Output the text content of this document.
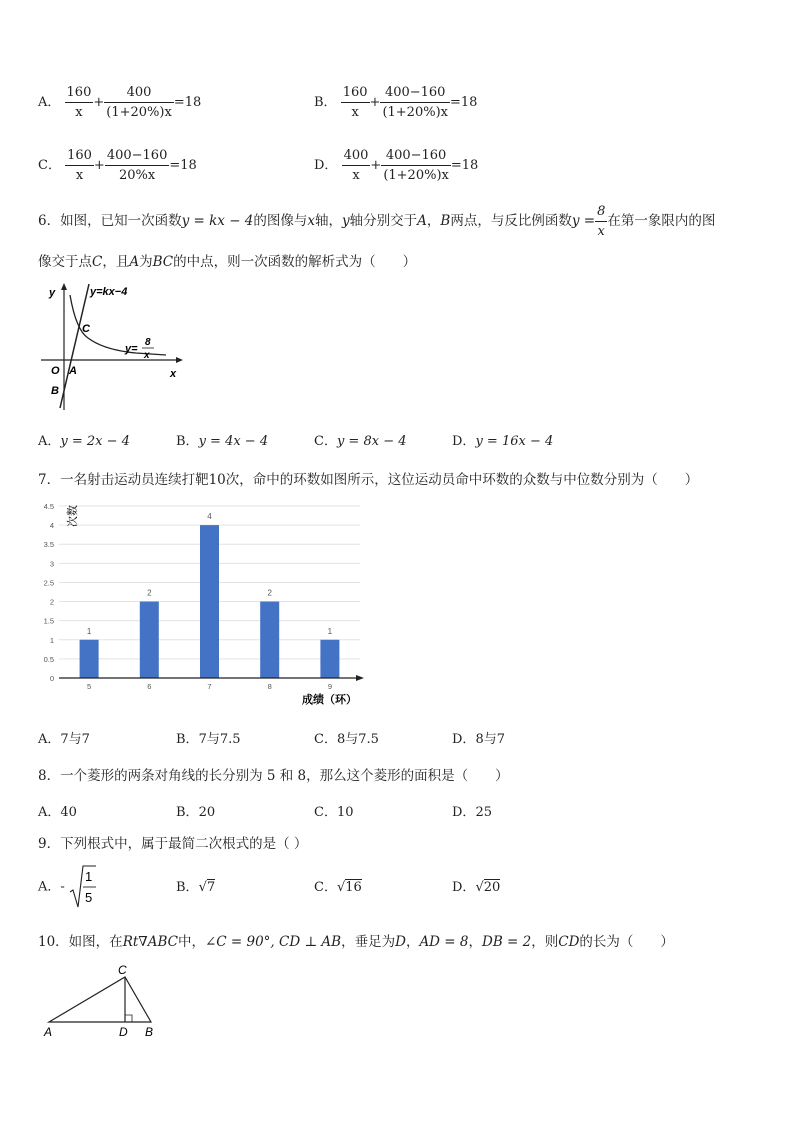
A． $\frac{160}{x} + \frac{400}{(1+20\%)x} =18$	B． $\frac{160}{x} + \frac{400-160}{(1+20\%)x} =18$
C． $\frac{160}{x} + \frac{400-160}{20\%x} =18$	D． $\frac{400}{x} + \frac{400-160}{(1+20\%)x} =18$
6．如图，已知一次函数y = kx − 4的图像与x轴，y轴分别交于A，B两点，与反比例函数$y = \frac{8}{x}$ 在第一象限内的图
像交于点C，且A为BC的中点，则一次函数的解析式为（　　）
y
x
y=kx−4
C
y=
8
x
O A
B
A．y = 2x − 4	B．y = 4x − 4	C．y = 8x − 4	D．y = 16x − 4
7．一名射击运动员连续打靶10次，命中的环数如图所示，这位运动员命中环数的众数与中位数分别为（　　）
0
0.5
1
1.5
2
2.5
3
3.5
4
4.5
1
2
4
2
1
5	6	7	8	9
次数
成绩（环）
A．7与7	B．7与7.5	C．8与7.5	D．8与7
8．一个菱形的两条对角线的长分别为 5 和 8，那么这个菱形的面积是（　　）
A．40	B．20	C．10	D．25
9．下列根式中，属于最简二次根式的是（ ）
A．-
1
5
B．√7	C．√16	D．√20
10．如图，在Rt∇ABC中，∠C = 90°, CD ⊥ AB，垂足为D，AD = 8，DB = 2，则CD的长为（　　）
C
A	D B
